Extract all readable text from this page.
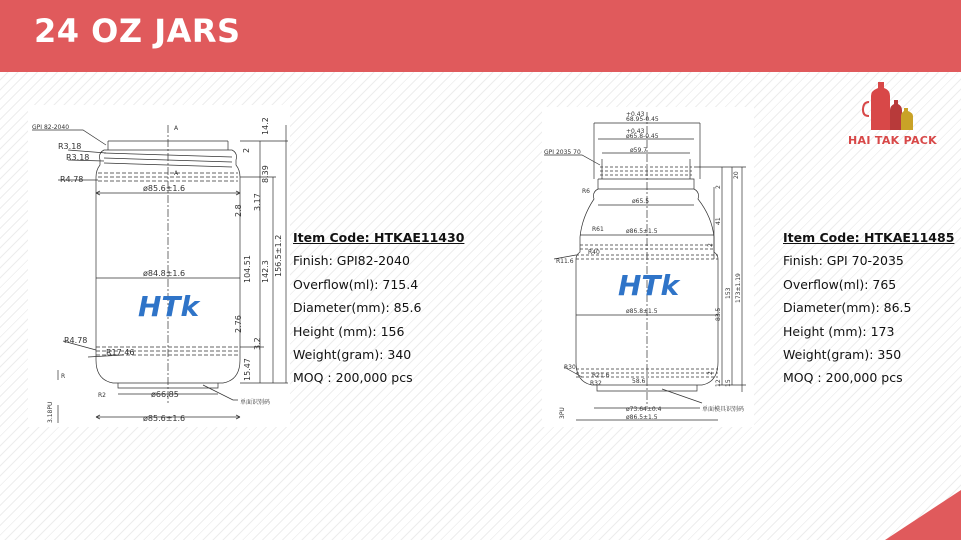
24 OZ JARS
GPI 82-2040	A
A
R3.18
R3.18
R4.78
ø85.6±1.6
ø84.8±1.6
R4.78
R17.46
ø66.85
R
R2
ø85.6±1.6
单面识别码
3.18PU
14.2
2
8.39
3.17
2.8
104.51 142.3 156.5±1.2
2.76
3.2
15.47
HTk
Item Code: HTKAE11430
Finish: GPI82-2040
Overflow(ml): 715.4
Diameter(mm): 85.6
Height (mm): 156
Weight(gram): 340
MOQ : 200,000 pcs
+0.43
68.95-0.45
+0.43
ø65.8-0.45
ø59.7
GPI 2035 70
R6
ø65.5
R61	ø86.5±1.5
R40
R11.6
ø85.8±1.5
R30
R21.6
R32	58.6
ø73.64±0.4
ø86.5±1.5
单面模具识别码
3PU
2
20
41
2
83.5
153 173±1.19
2
12 15
HTk
Item Code: HTKAE11485
Finish: GPI 70-2035
Overflow(ml): 765
Diameter(mm): 86.5
Height (mm): 173
Weight(gram): 350
MOQ : 200,000 pcs
HAI TAK PACK
